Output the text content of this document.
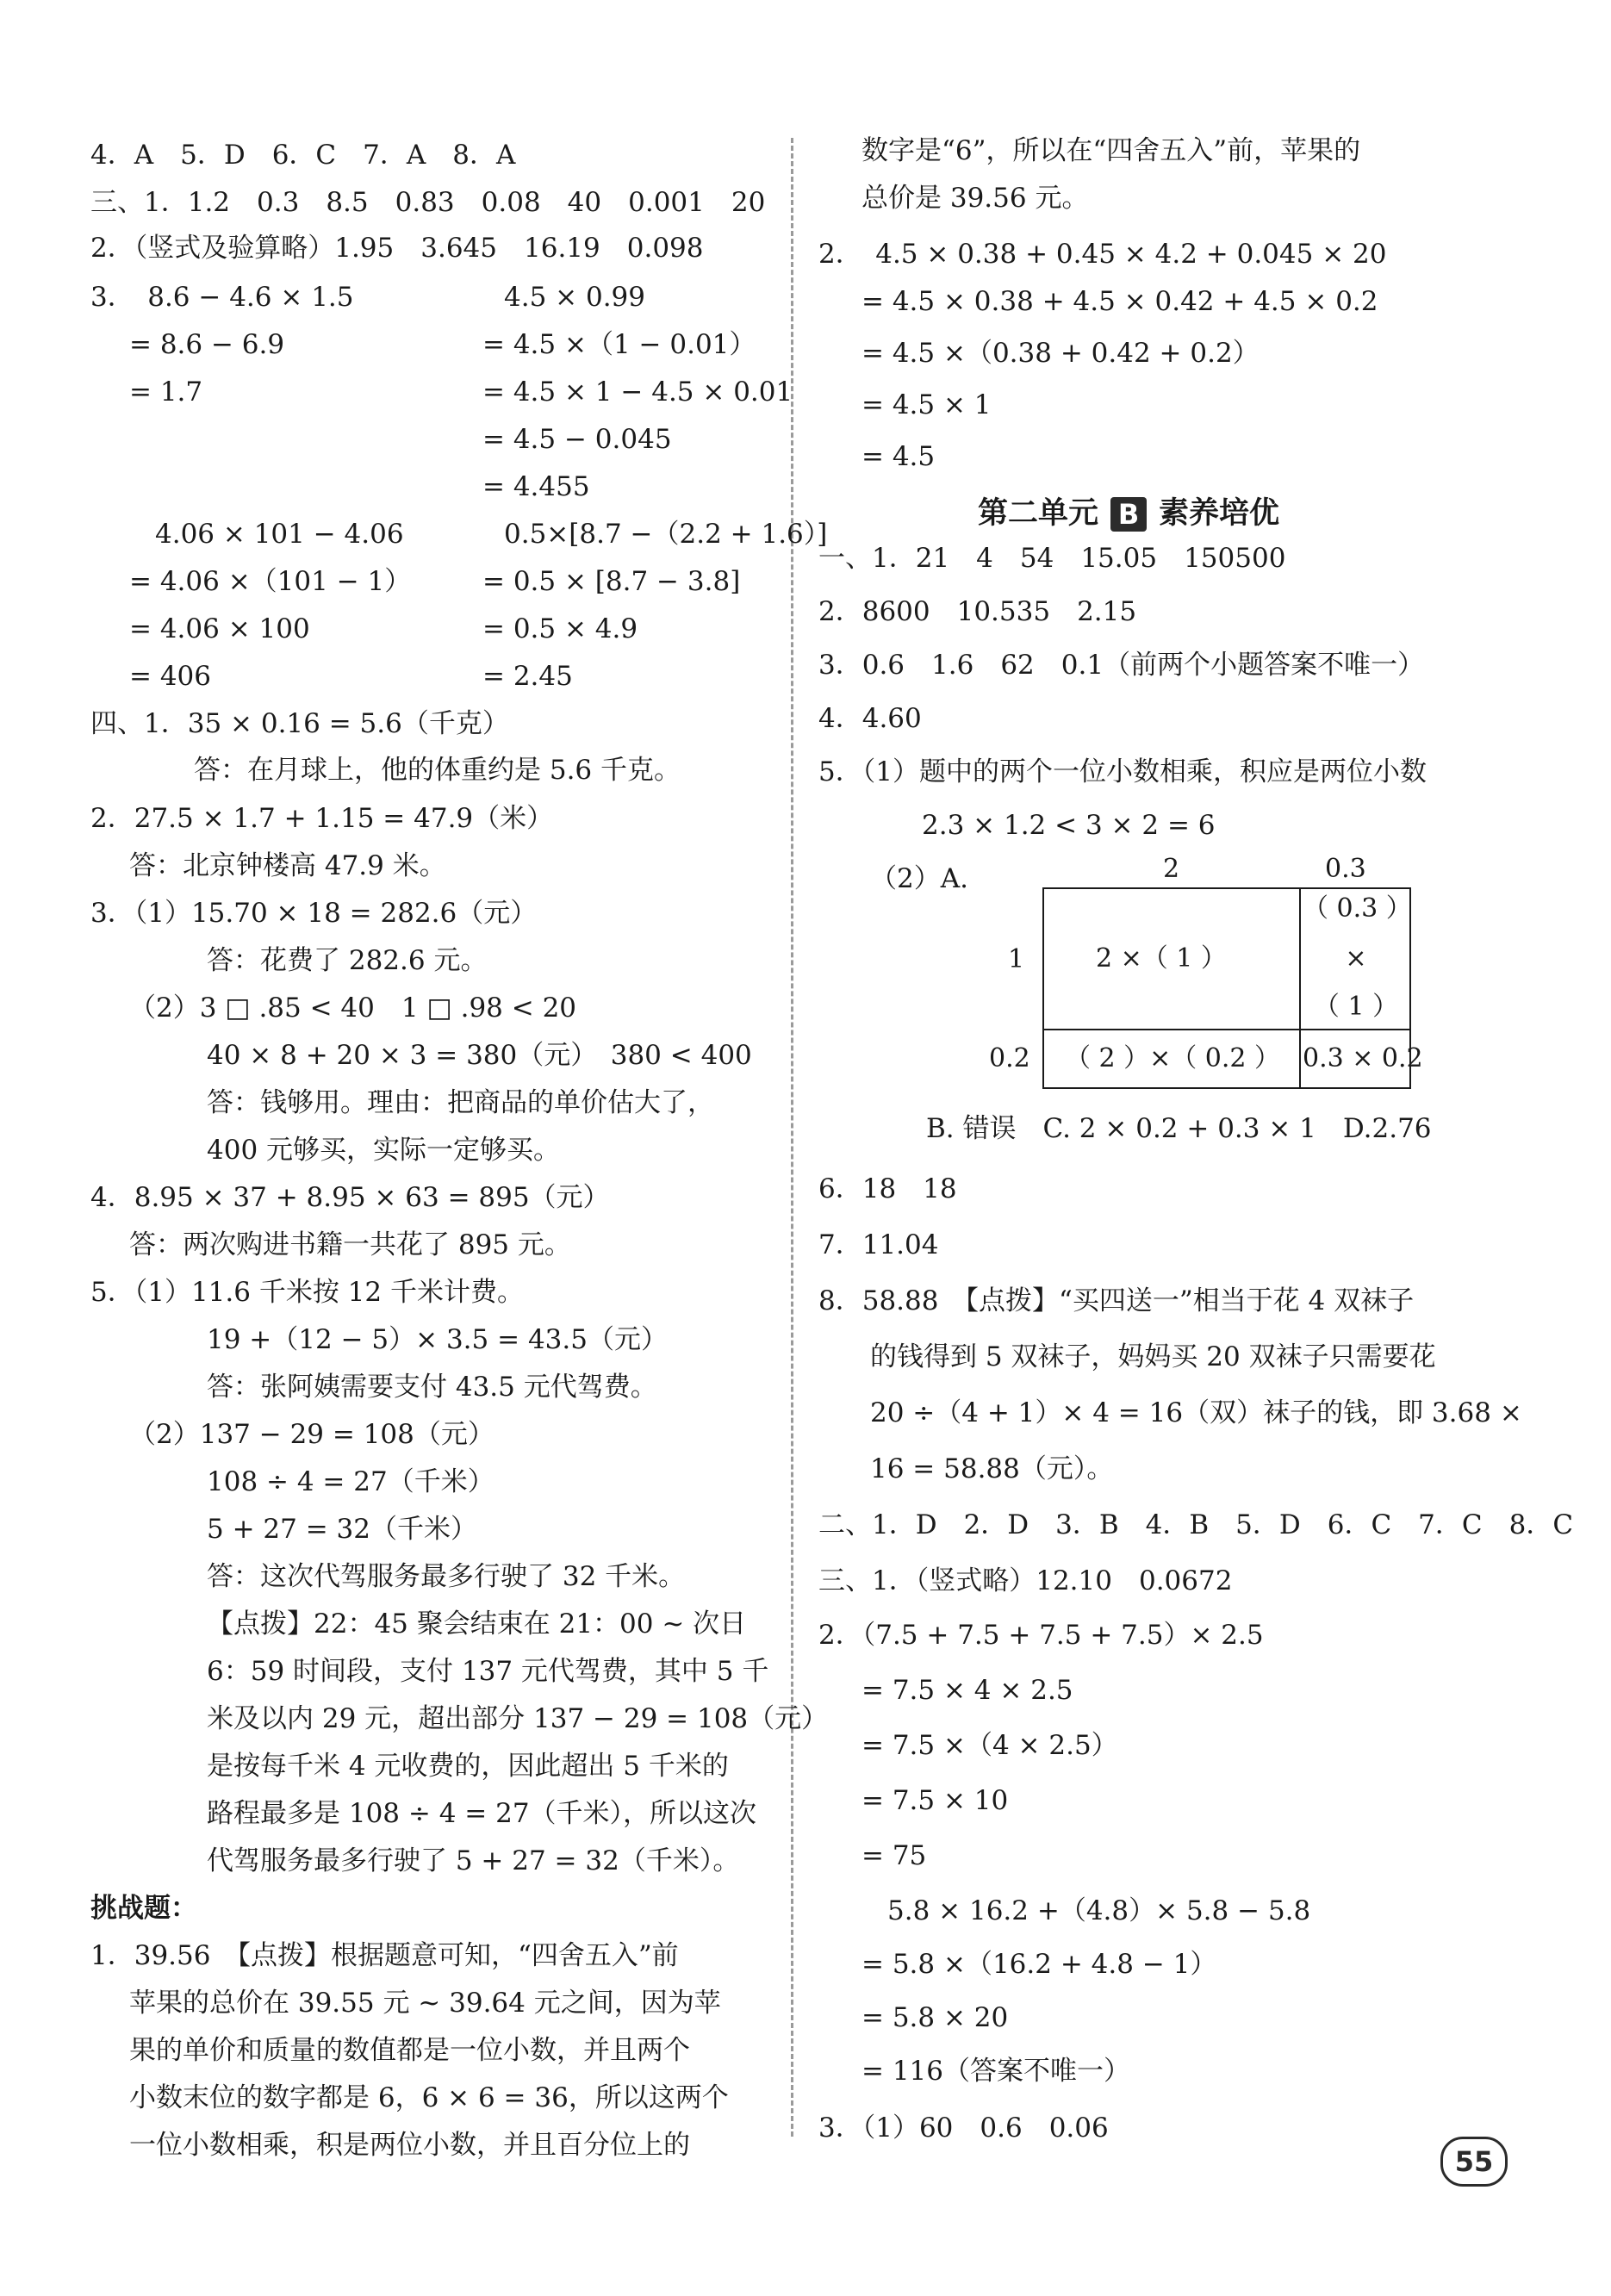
4．A　5．D　6．C　7．A　8．A
三、1．1.2　0.3　8.5　0.83　0.08　40　0.001　20
2．（竖式及验算略）1.95　3.645　16.19　0.098
3．　8.6 − 4.6 × 1.5
= 8.6 − 6.9
= 1.7
4.06 × 101 − 4.06
= 4.06 ×（101 − 1）
= 4.06 × 100
= 406
四、1．35 × 0.16 = 5.6（千克）
答：在月球上，他的体重约是 5.6 千克。
2．27.5 × 1.7 + 1.15 = 47.9（米）
答：北京钟楼高 47.9 米。
3．（1）15.70 × 18 = 282.6（元）
答：花费了 282.6 元。
（2）3 □ .85 < 40　1 □ .98 < 20
40 × 8 + 20 × 3 = 380（元）　380 < 400
答：钱够用。理由：把商品的单价估大了，
400 元够买，实际一定够买。
4．8.95 × 37 + 8.95 × 63 = 895（元）
答：两次购进书籍一共花了 895 元。
5．（1）11.6 千米按 12 千米计费。
19 +（12 − 5）× 3.5 = 43.5（元）
答：张阿姨需要支付 43.5 元代驾费。
（2）137 − 29 = 108（元）
108 ÷ 4 = 27（千米）
5 + 27 = 32（千米）
答：这次代驾服务最多行驶了 32 千米。
【点拨】22：45 聚会结束在 21：00 ~ 次日
6：59 时间段，支付 137 元代驾费，其中 5 千
米及以内 29 元，超出部分 137 − 29 = 108（元）
是按每千米 4 元收费的，因此超出 5 千米的
路程最多是 108 ÷ 4 = 27（千米），所以这次
代驾服务最多行驶了 5 + 27 = 32（千米）。
挑战题：
1．39.56　【点拨】根据题意可知，“四舍五入”前
苹果的总价在 39.55 元 ~ 39.64 元之间，因为苹
果的单价和质量的数值都是一位小数，并且两个
小数末位的数字都是 6，6 × 6 = 36，所以这两个
一位小数相乘，积是两位小数，并且百分位上的
4.5 × 0.99
= 4.5 ×（1 − 0.01）
= 4.5 × 1 − 4.5 × 0.01
= 4.5 − 0.045
= 4.455
0.5×[8.7 −（2.2 + 1.6）]
= 0.5 × [8.7 − 3.8]
= 0.5 × 4.9
= 2.45
数字是“6”，所以在“四舍五入”前，苹果的
总价是 39.56 元。
2．　4.5 × 0.38 + 0.45 × 4.2 + 0.045 × 20
= 4.5 × 0.38 + 4.5 × 0.42 + 4.5 × 0.2
= 4.5 ×（0.38 + 0.42 + 0.2）
= 4.5 × 1
= 4.5
第二单元 B 素养培优
一、1．21　4　54　15.05　150500
2．8600　10.535　2.15
3．0.6　1.6　62　0.1（前两个小题答案不唯一）
4．4.60
5．（1）题中的两个一位小数相乘，积应是两位小数
2.3 × 1.2 < 3 × 2 = 6
（2）A.
B. 错误　C. 2 × 0.2 + 0.3 × 1　D.2.76
6．18　18
7．11.04
8．58.88　【点拨】“买四送一”相当于花 4 双袜子
的钱得到 5 双袜子，妈妈买 20 双袜子只需要花
20 ÷（4 + 1）× 4 = 16（双）袜子的钱，即 3.68 ×
16 = 58.88（元）。
二、1．D　2．D　3．B　4．B　5．D　6．C　7．C　8．C
三、1．（竖式略）12.10　0.0672
2．（7.5 + 7.5 + 7.5 + 7.5）× 2.5
= 7.5 × 4 × 2.5
= 7.5 ×（4 × 2.5）
= 7.5 × 10
= 75
5.8 × 16.2 +（4.8）× 5.8 − 5.8
= 5.8 ×（16.2 + 4.8 − 1）
= 5.8 × 20
= 116（答案不唯一）
3．（1）60　0.6　0.06
2	0.3
1
0.2
2 ×（ 1 ）
（ 0.3 ）
×
（ 1 ）
（ 2 ）×（ 0.2 ） 0.3 × 0.2
55
